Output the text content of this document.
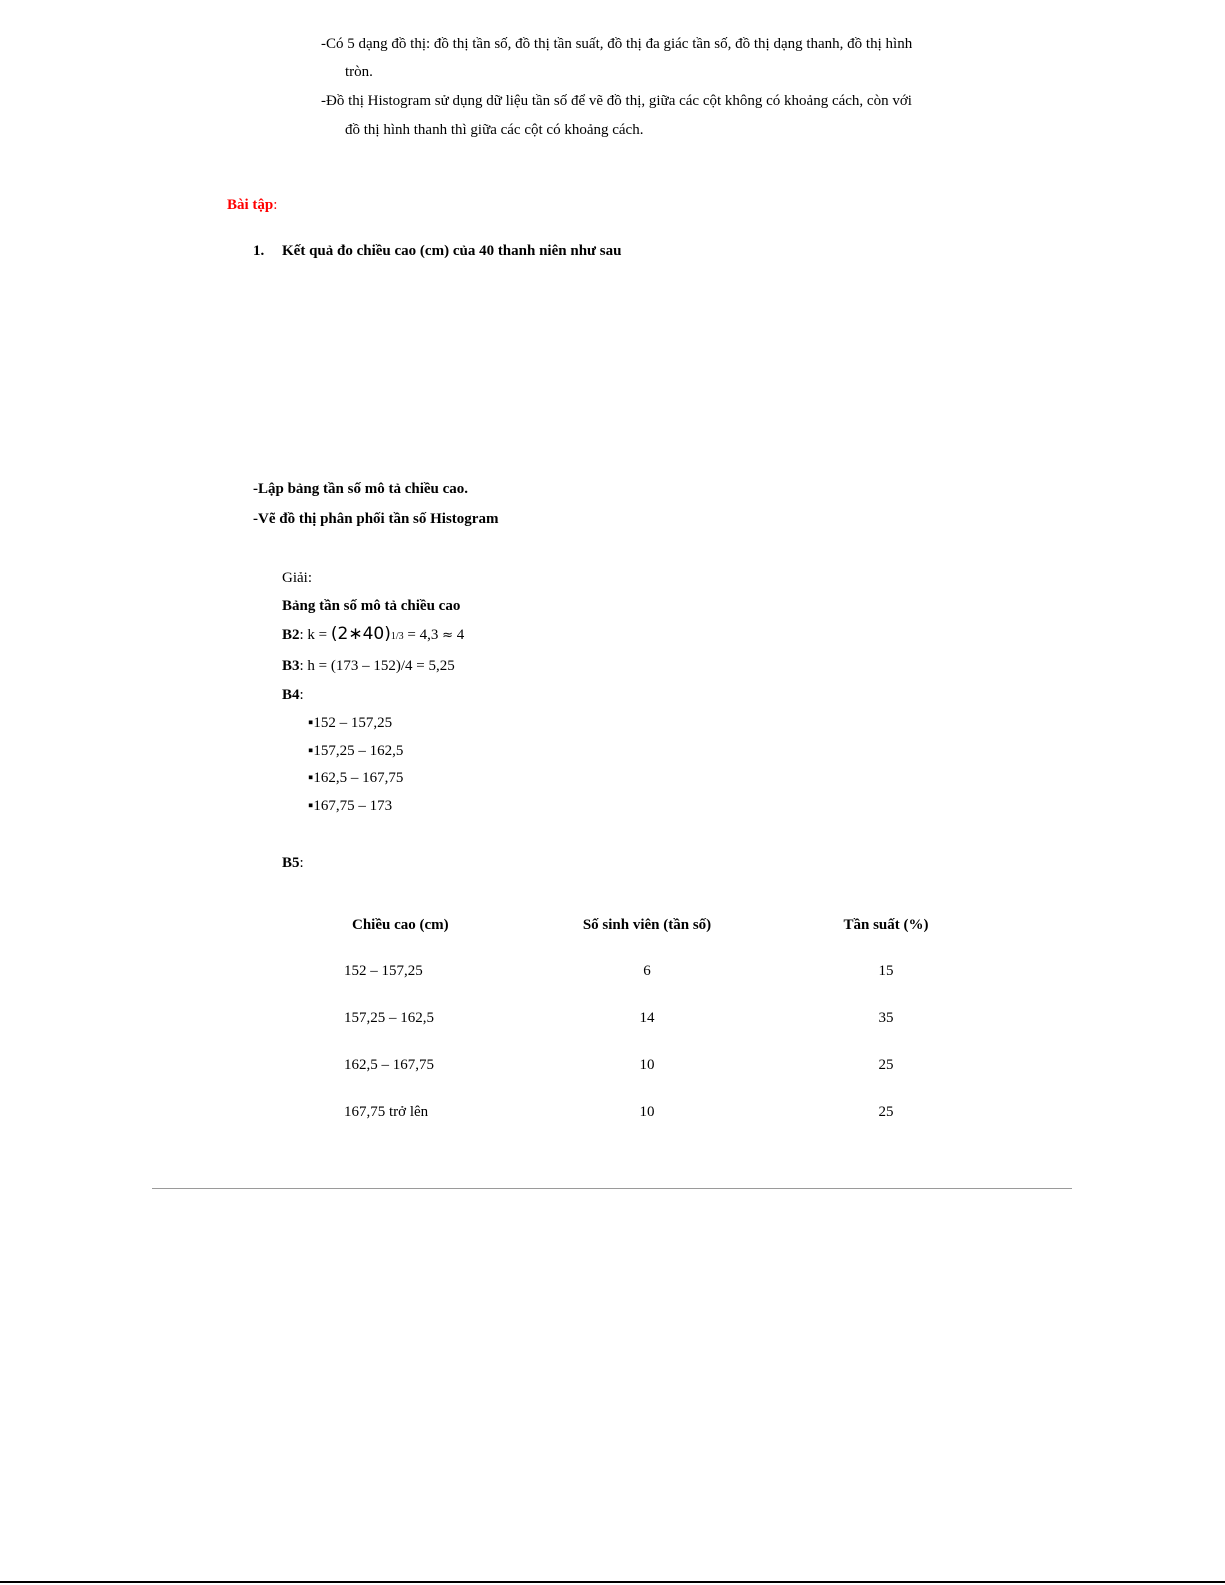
-Có 5 dạng đồ thị: đồ thị tần số, đồ thị tần suất, đồ thị đa giác tần số, đồ thị dạng thanh, đồ thị hình
tròn.
-Đồ thị Histogram sử dụng dữ liệu tần số để vẽ đồ thị, giữa các cột không có khoảng cách, còn với
đồ thị hình thanh thì giữa các cột có khoảng cách.
Bài tập:
1. Kết quả đo chiều cao (cm) của 40 thanh niên như sau
-Lập bảng tần số mô tả chiều cao.
-Vẽ đồ thị phân phối tần số Histogram
Giải:
Bảng tần số mô tả chiều cao
B2: k = (2∗40)1/3 = 4,3 ≈ 4
B3: h = (173 – 152)/4 = 5,25
B4:
▪152 – 157,25
▪157,25 – 162,5
▪162,5 – 167,75
▪167,75 – 173
B5:
Chiều cao (cm)	Số sinh viên (tần số)	Tần suất (%)
152 – 157,25	6	15
157,25 – 162,5	14	35
162,5 – 167,75	10	25
167,75 trở lên	10	25
